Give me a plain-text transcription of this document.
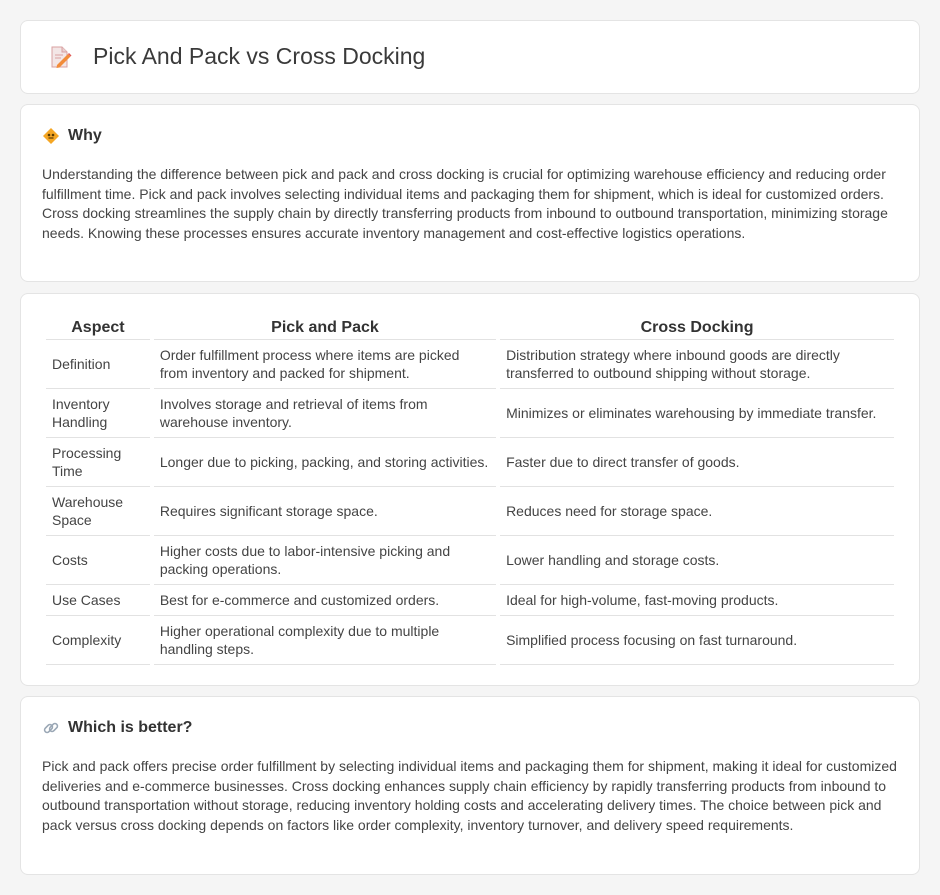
Pick And Pack vs Cross Docking
Why

Understanding the difference between pick and pack and cross docking is crucial for optimizing warehouse efficiency and reducing order fulfillment time. Pick and pack involves selecting individual items and packaging them for shipment, which is ideal for customized orders. Cross docking streamlines the supply chain by directly transferring products from inbound to outbound transportation, minimizing storage needs. Knowing these processes ensures accurate inventory management and cost-effective logistics operations.

Aspect	Pick and Pack	Cross Docking
Definition	Order fulfillment process where items are picked from inventory and packed for shipment.	Distribution strategy where inbound goods are directly transferred to outbound shipping without storage.
Inventory Handling	Involves storage and retrieval of items from warehouse inventory.	Minimizes or eliminates warehousing by immediate transfer.
Processing Time	Longer due to picking, packing, and storing activities.	Faster due to direct transfer of goods.
Warehouse Space	Requires significant storage space.	Reduces need for storage space.
Costs	Higher costs due to labor-intensive picking and packing operations.	Lower handling and storage costs.
Use Cases	Best for e-commerce and customized orders.	Ideal for high-volume, fast-moving products.
Complexity	Higher operational complexity due to multiple handling steps.	Simplified process focusing on fast turnaround.
Which is better?

Pick and pack offers precise order fulfillment by selecting individual items and packaging them for shipment, making it ideal for customized deliveries and e-commerce businesses. Cross docking enhances supply chain efficiency by rapidly transferring products from inbound to outbound transportation without storage, reducing inventory holding costs and accelerating delivery times. The choice between pick and pack versus cross docking depends on factors like order complexity, inventory turnover, and delivery speed requirements.
